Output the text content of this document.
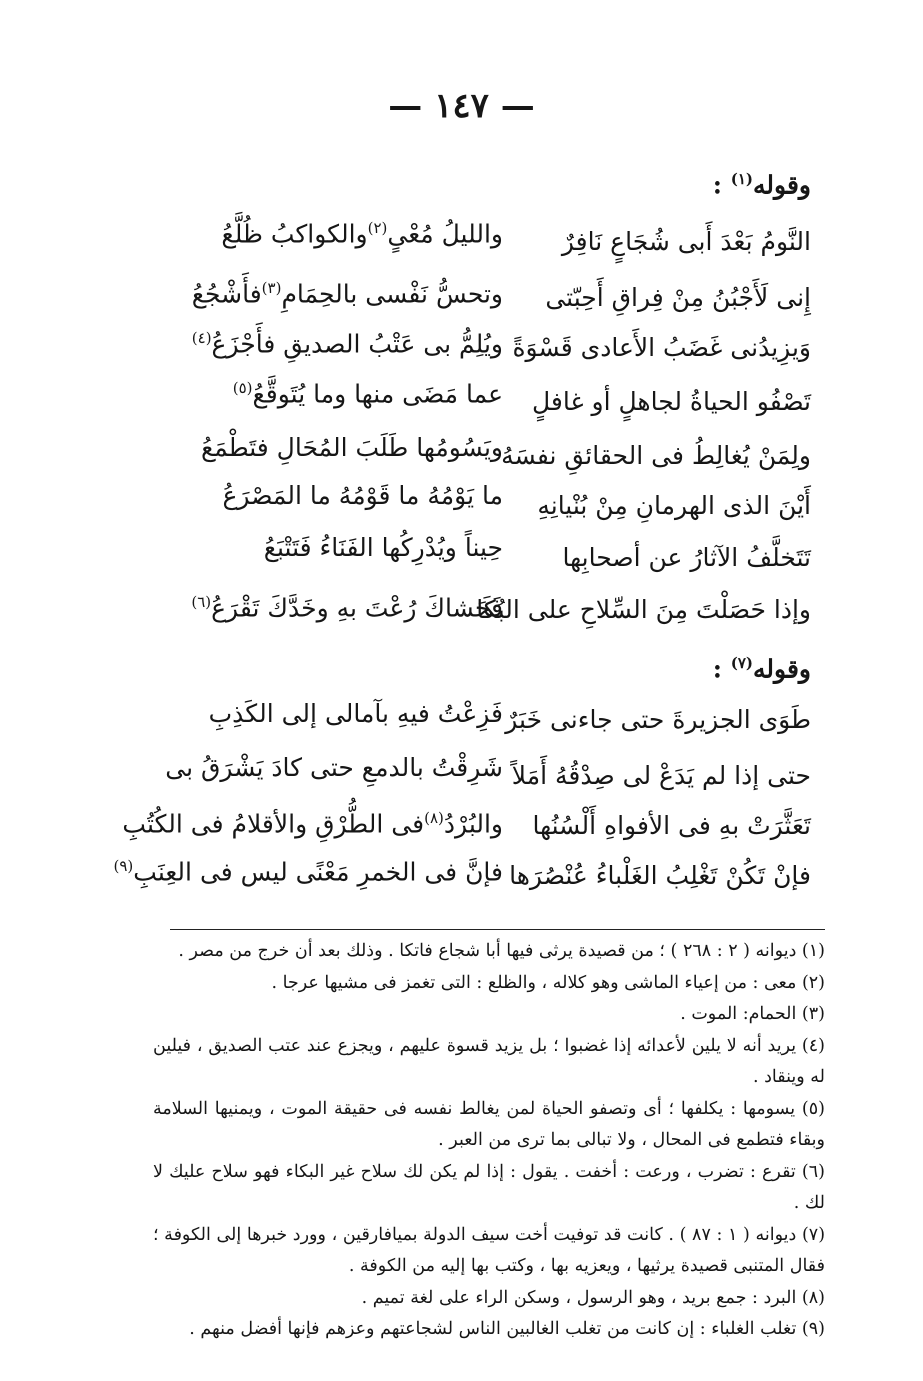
— ١٤٧ —
وقوله$^{(١)}$ :
النَّومُ بَعْدَ أَبى شُجَاعٍ نَافِرٌ
والليلُ مُعْىٍ$^{(٢)}$والكواكبُ ظُلَّعُ
إِنى لَأَجْبُنُ مِنْ فِراقِ أَحِبّتى
وتحسُّ نَفْسى بالحِمَامِ$^{(٣)}$فأَشْجُعُ
وَيزِيدُنى غَضَبُ الأَعادى قَسْوَةً
ويُلِمُّ بى عَتْبُ الصديقِ فأَجْزَعُ$^{(٤)}$
تَصْفُو الحياةُ لجاهلٍ أو غافلٍ
عما مَضَى منها وما يُتَوقَّعُ$^{(٥)}$
ولِمَنْ يُغالِطُ فى الحقائقِ نفسَهُ
ويَسُومُها طَلَبَ المُحَالِ فتَطْمَعُ
أَيْنَ الذى الهرمانِ مِنْ بُنْيانِهِ
ما يَوْمُهُ ما قَوْمُهُ ما المَصْرَعُ
تَتَخلَّفُ الآثارُ عن أصحابِها
حِيناً ويُدْرِكُها الفَنَاءُ فَتَتْبَعُ
وإذا حَصَلْتَ مِنَ السِّلاحِ على البُكَا
فَحَشاكَ رُعْتَ بهِ وخَدَّكَ تَقْرَعُ$^{(٦)}$
وقوله$^{(٧)}$ :
طَوَى الجزيرةَ حتى جاءنى خَبَرٌ
فَزِعْتُ فيهِ بآمالى إلى الكَذِبِ
حتى إذا لم يَدَعْ لى صِدْقُهُ أَمَلاً
شَرِقْتُ بالدمعِ حتى كادَ يَشْرَقُ بى
تَعَثَّرَتْ بهِ فى الأفواهِ أَلْسُنُها
والبُرْدُ$^{(٨)}$فى الطُّرْقِ والأقلامُ فى الكُتُبِ
فإنْ تَكُنْ تَغْلِبُ الغَلْباءُ عُنْصُرَها
فإنَّ فى الخمرِ مَعْنًى ليس فى العِنَبِ$^{(٩)}$

(١) ديوانه ( ٢ : ٢٦٨ ) ؛ من قصيدة يرثى فيها أبا شجاع فاتكا . وذلك بعد أن خرج من مصر .

(٢) معى : من إعياء الماشى وهو كلاله ، والظلع : التى تغمز فى مشيها عرجا .

(٣) الحمام: الموت .

(٤) يريد أنه لا يلين لأعدائه إذا غضبوا ؛ بل يزيد قسوة عليهم ، ويجزع عند عتب الصديق ، فيلين له وينقاد .

(٥) يسومها : يكلفها ؛ أى وتصفو الحياة لمن يغالط نفسه فى حقيقة الموت ، ويمنيها السلامة وبقاء فتطمع فى المحال ، ولا تبالى بما ترى من العبر .

(٦) تقرع : تضرب ، ورعت : أخفت . يقول : إذا لم يكن لك سلاح غير البكاء فهو سلاح عليك لا لك .

(٧) ديوانه ( ١ : ٨٧ ) . كانت قد توفيت أخت سيف الدولة بميافارقين ، وورد خبرها إلى الكوفة ؛ فقال المتنبى قصيدة يرثيها ، ويعزيه بها ، وكتب بها إليه من الكوفة .

(٨) البرد : جمع بريد ، وهو الرسول ، وسكن الراء على لغة تميم .

(٩) تغلب الغلباء : إن كانت من تغلب الغالبين الناس لشجاعتهم وعزهم فإنها أفضل منهم .
